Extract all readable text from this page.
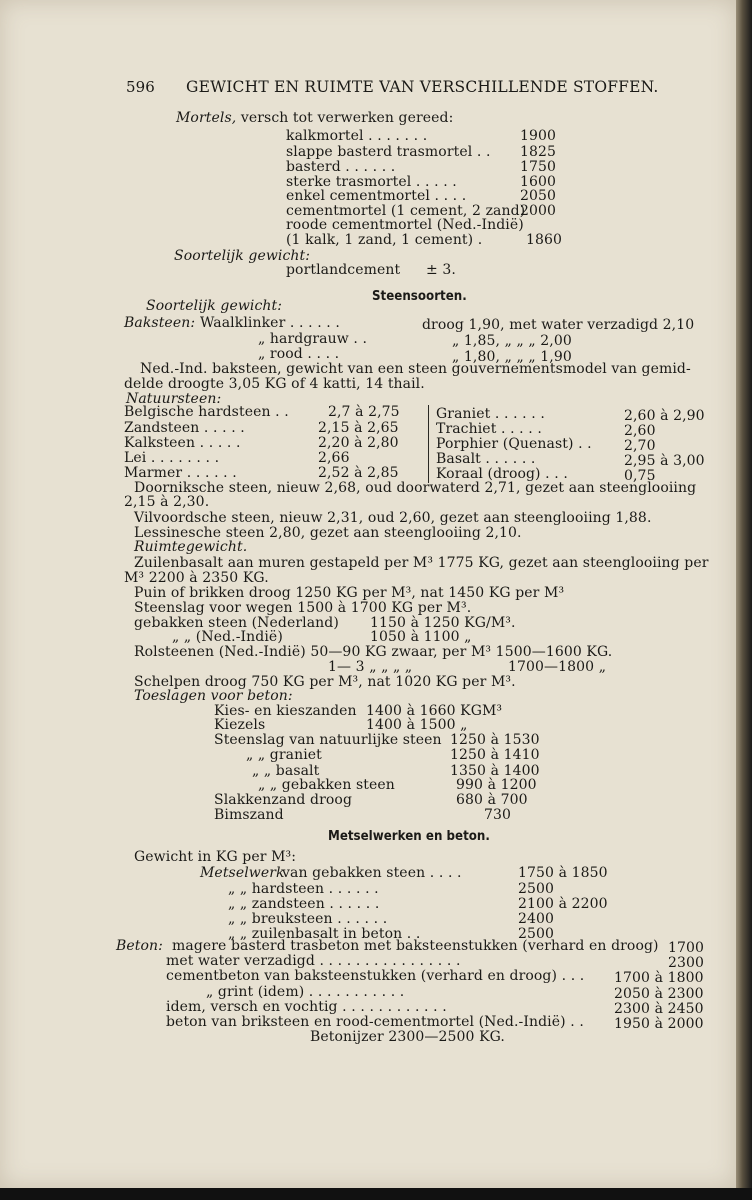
596 GEWICHT EN RUIMTE VAN VERSCHILLENDE STOFFEN.
Mortels, versch tot verwerken gereed:
kalkmortel . . . . . . .	1900
slappe basterd trasmortel . . 1825
basterd . . . . . .	1750
sterke trasmortel . . . . .	1600
enkel cementmortel . . . .	2050
cementmortel (1 cement, 2 zand)
2000
roode cementmortel (Ned.-Indië)
(1 kalk, 1 zand, 1 cement) .	1860
Soortelijk gewicht:
portlandcement ± 3.
Steensoorten.
Soortelijk gewicht:
Baksteen: Waalklinker . . . . . .	droog 1,90, met water verzadigd 2,10
„ hardgrauw . .	„ 1,85, „ „ „ 2,00
„ rood . . . .	„ 1,80, „ „ „ 1,90
Ned.-Ind. baksteen, gewicht van een steen gouvernementsmodel van gemid-
delde droogte 3,05 KG of 4 katti, 14 thail.
Natuursteen:
Belgische hardsteen . .	2,7 à 2,75
Zandsteen . . . . .	2,15 à 2,65
Kalksteen . . . . .	2,20 à 2,80
Lei . . . . . . . .	2,66
Marmer . . . . . .	2,52 à 2,85
Graniet . . . . . .	2,60 à 2,90
Trachiet . . . . .	2,60
Porphier (Quenast) . . 2,70
Basalt . . . . . .	2,95 à 3,00
Koraal (droog) . . .	0,75
Doorniksche steen, nieuw 2,68, oud doorwaterd 2,71, gezet aan steenglooiing
2,15 à 2,30.
Vilvoordsche steen, nieuw 2,31, oud 2,60, gezet aan steenglooiing 1,88.
Lessinesche steen 2,80, gezet aan steenglooiing 2,10.
Ruimtegewicht.
Zuilenbasalt aan muren gestapeld per M³ 1775 KG, gezet aan steenglooiing per
M³ 2200 à 2350 KG.
Puin of brikken droog 1250 KG per M³, nat 1450 KG per M³
Steenslag voor wegen 1500 à 1700 KG per M³.
gebakken steen (Nederland) 1150 à 1250 KG/M³.
„ „ (Ned.-Indië)	1050 à 1100 „
Rolsteenen (Ned.-Indië) 50—90 KG zwaar, per M³ 1500—1600 KG.
1— 3 „ „ „ „	1700—1800 „
Schelpen droog 750 KG per M³, nat 1020 KG per M³.
Toeslagen voor beton:
Kies- en kieszanden 1400 à 1660 KGM³
Kiezels	1400 à 1500 „
Steenslag van natuurlijke steen 1250 à 1530
„ „ graniet	1250 à 1410
„ „ basalt	1350 à 1400
„ „ gebakken steen	990 à 1200
Slakkenzand droog	680 à 700
Bimszand	730
Metselwerken en beton.
Gewicht in KG per M³:
Metselwerk
van gebakken steen . . . .	1750 à 1850
„ „ hardsteen . . . . . .	2500
„ „ zandsteen . . . . . .	2100 à 2200
„ „ breuksteen . . . . . .	2400
„ „ zuilenbasalt in beton . .	2500
Beton: magere basterd trasbeton met baksteenstukken (verhard en droog) 1700
met water verzadigd . . . . . . . . . . . . . . . .	2300
cementbeton van baksteenstukken (verhard en droog) . . . 1700 à 1800
„ grint (idem) . . . . . . . . . . .	2050 à 2300
idem, versch en vochtig . . . . . . . . . . . .	2300 à 2450
beton van briksteen en rood-cementmortel (Ned.-Indië) . . 1950 à 2000
Betonijzer 2300—2500 KG.
